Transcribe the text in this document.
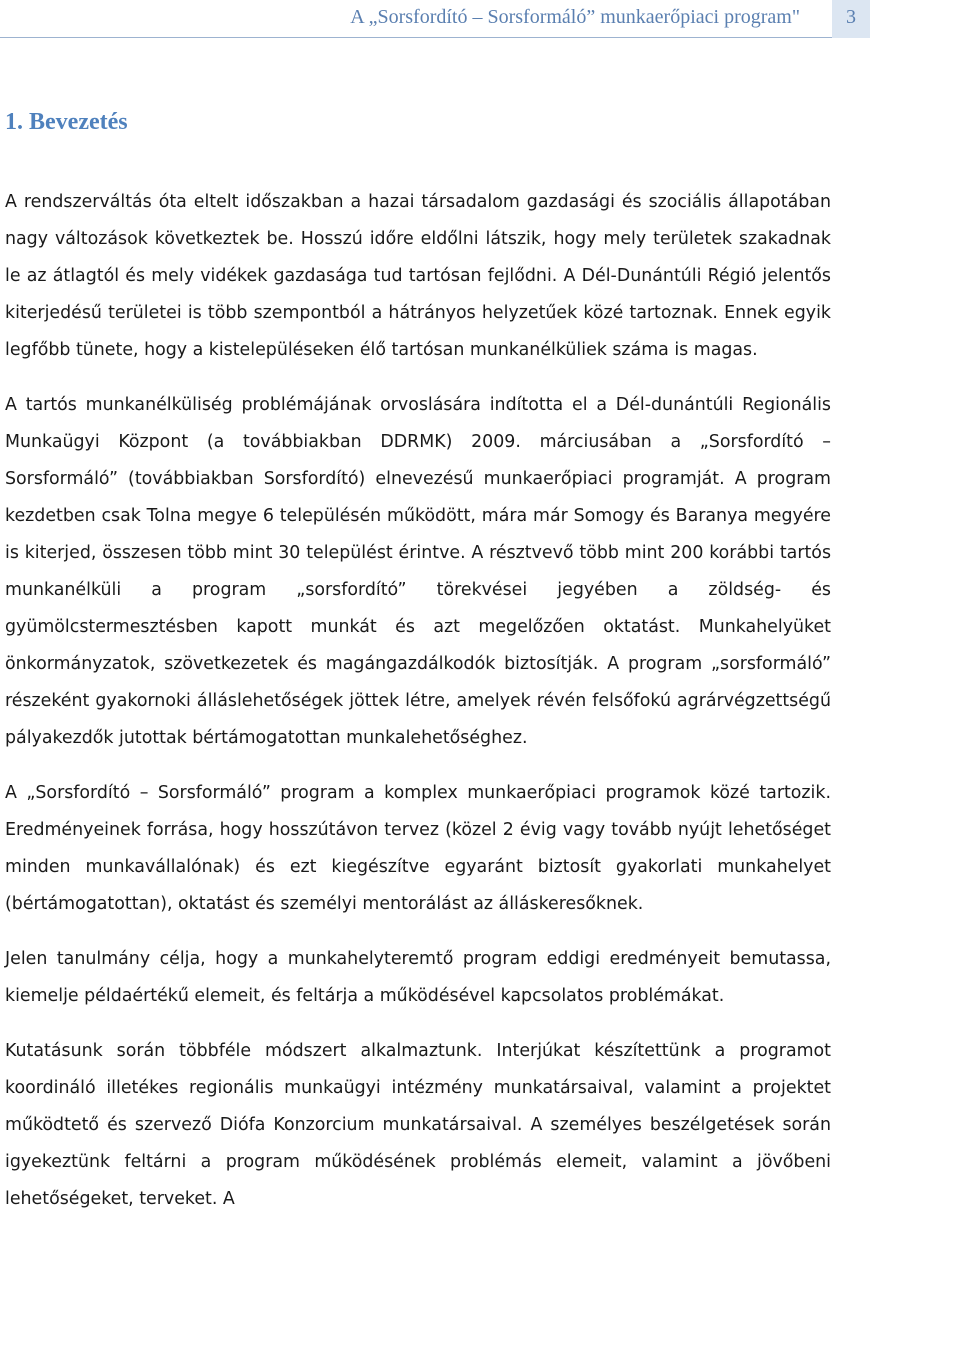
A „Sorsfordító – Sorsformáló” munkaerőpiaci program"	3
1. Bevezetés

A rendszerváltás óta eltelt időszakban a hazai társadalom gazdasági és szociális állapotában nagy változások következtek be. Hosszú időre eldőlni látszik, hogy mely területek szakadnak le az átlagtól és mely vidékek gazdasága tud tartósan fejlődni. A Dél-Dunántúli Régió jelentős kiterjedésű területei is több szempontból a hátrányos helyzetűek közé tartoznak. Ennek egyik legfőbb tünete, hogy a kistelepüléseken élő tartósan munkanélküliek száma is magas.

A tartós munkanélküliség problémájának orvoslására indította el a Dél-dunántúli Regionális Munkaügyi Központ (a továbbiakban DDRMK) 2009. márciusában a „Sorsfordító – Sorsformáló” (továbbiakban Sorsfordító) elnevezésű munkaerőpiaci programját. A program kezdetben csak Tolna megye 6 településén működött, mára már Somogy és Baranya megyére is kiterjed, összesen több mint 30 települést érintve. A résztvevő több mint 200 korábbi tartós munkanélküli a program „sorsfordító” törekvései jegyében a zöldség- és gyümölcstermesztésben kapott munkát és azt megelőzően oktatást. Munkahelyüket önkormányzatok, szövetkezetek és magángazdálkodók biztosítják. A program „sorsformáló” részeként gyakornoki álláslehetőségek jöttek létre, amelyek révén felsőfokú agrárvégzettségű pályakezdők jutottak bértámogatottan munkalehetőséghez.

A „Sorsfordító – Sorsformáló” program a komplex munkaerőpiaci programok közé tartozik. Eredményeinek forrása, hogy hosszútávon tervez (közel 2 évig vagy tovább nyújt lehetőséget minden munkavállalónak) és ezt kiegészítve egyaránt biztosít gyakorlati munkahelyet (bértámogatottan), oktatást és személyi mentorálást az álláskeresőknek.

Jelen tanulmány célja, hogy a munkahelyteremtő program eddigi eredményeit bemutassa, kiemelje példaértékű elemeit, és feltárja a működésével kapcsolatos problémákat.

Kutatásunk során többféle módszert alkalmaztunk. Interjúkat készítettünk a programot koordináló illetékes regionális munkaügyi intézmény munkatársaival, valamint a projektet működtető és szervező Diófa Konzorcium munkatársaival. A személyes beszélgetések során igyekeztünk feltárni a program működésének problémás elemeit, valamint a jövőbeni lehetőségeket, terveket. A
